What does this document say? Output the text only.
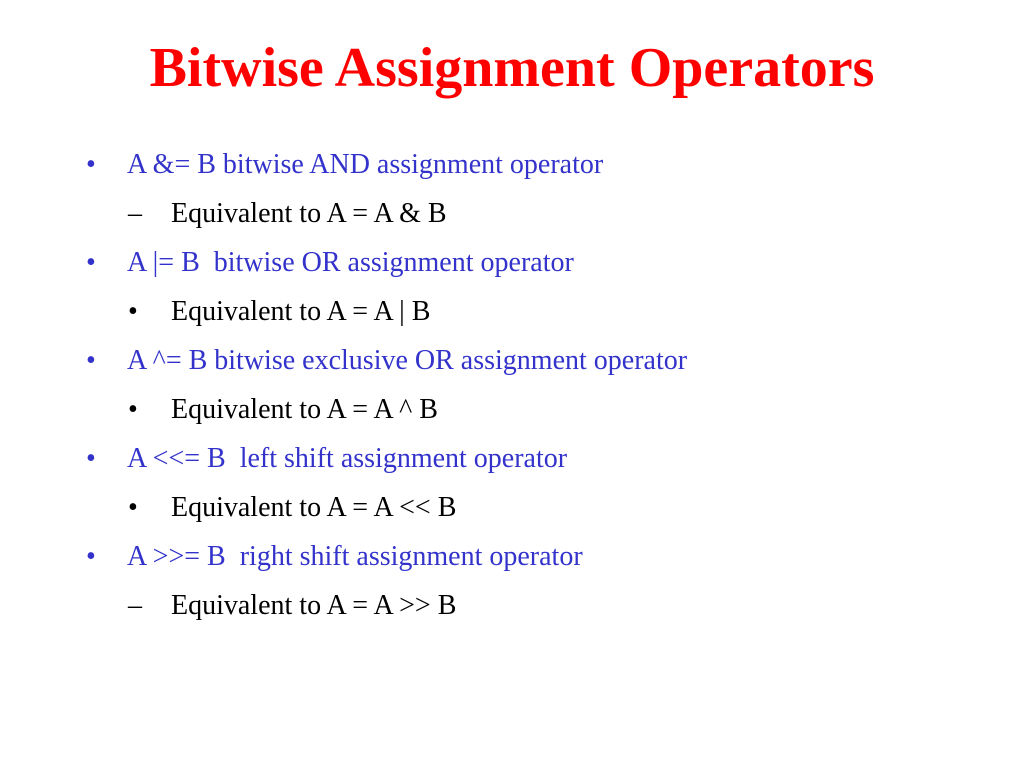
Bitwise Assignment Operators

•

A &= B bitwise AND assignment operator

–

Equivalent to A = A & B

•

A |= B  bitwise OR assignment operator

•

Equivalent to A = A | B

•

A ^= B bitwise exclusive OR assignment operator

•

Equivalent to A = A ^ B

•

A <<= B  left shift assignment operator

•

Equivalent to A = A << B

•

A >>= B  right shift assignment operator

–

Equivalent to A = A >> B
